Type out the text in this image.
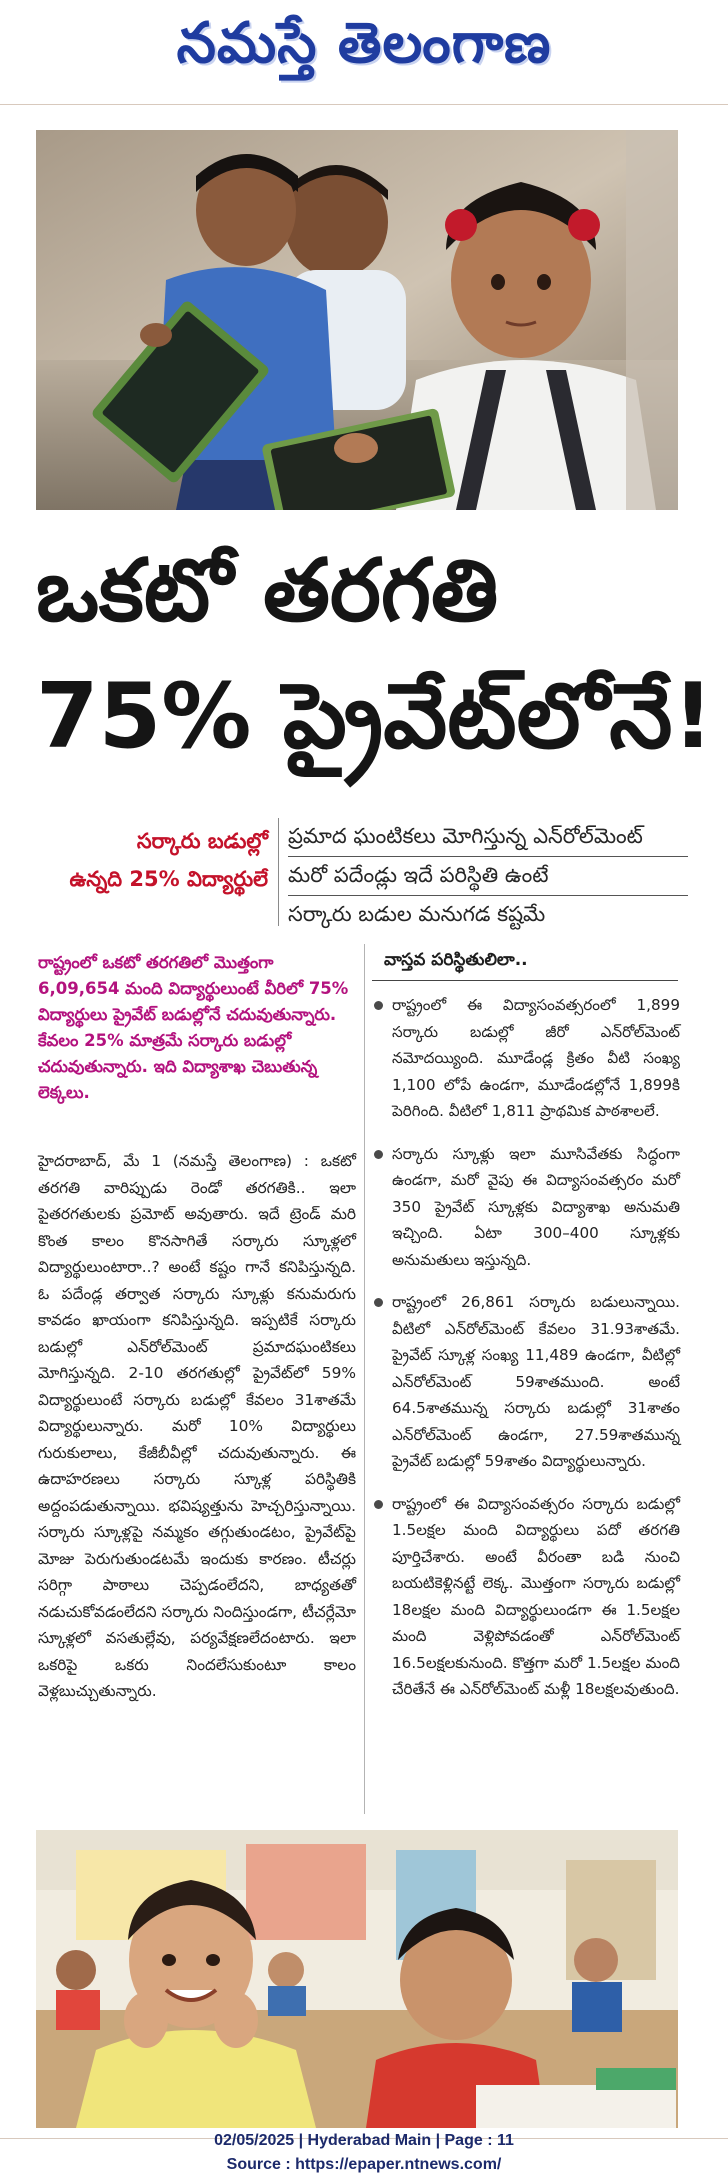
నమస్తే తెలంగాణ
ఒకటో తరగతి
75% ప్రైవేట్‌లోనే!
సర్కారు బడుల్లో
ఉన్నది 25% విద్యార్థులే
ప్రమాద ఘంటికలు మోగిస్తున్న ఎన్‌రోల్‌మెంట్
మరో పదేండ్లు ఇదే పరిస్థితి ఉంటే
సర్కారు బడుల మనుగడ కష్టమే
రాష్ట్రంలో ఒకటో తరగతిలో మొత్తంగా 6,09,654 మంది విద్యార్థులుంటే వీరిలో 75% విద్యార్థులు ప్రైవేట్ బడుల్లోనే చదువుతున్నారు. కేవలం 25% మాత్రమే సర్కారు బడుల్లో చదువుతున్నారు. ఇది విద్యాశాఖ చెబుతున్న లెక్కలు.
హైదరాబాద్, మే 1 (నమస్తే తెలంగాణ) : ఒకటో తరగతి వారిప్పుడు రెండో తరగతికి.. ఇలా పైతరగతులకు ప్రమోట్ అవుతారు. ఇదే ట్రెండ్ మరి కొంత కాలం కొనసాగితే సర్కారు స్కూళ్లలో విద్యార్థులుంటారా..? అంటే కష్టం గానే కనిపిస్తున్నది. ఓ పదేండ్ల తర్వాత సర్కారు స్కూళ్లు కనుమరుగు కావడం ఖాయంగా కనిపిస్తున్నది. ఇప్పటికే సర్కారు బడుల్లో ఎన్‌రోల్‌మెంట్ ప్రమాదఘంటికలు మోగిస్తున్నది. 2-10 తరగతుల్లో ప్రైవేట్‌లో 59% విద్యార్థులుంటే సర్కారు బడుల్లో కేవలం 31శాతమే విద్యార్థులున్నారు. మరో 10% విద్యార్థులు గురుకులాలు, కేజీబీవీల్లో చదువుతున్నారు. ఈ ఉదాహరణలు సర్కారు స్కూళ్ల పరిస్థితికి అద్దంపడుతున్నాయి. భవిష్యత్తును హెచ్చరిస్తున్నాయి. సర్కారు స్కూళ్లపై నమ్మకం తగ్గుతుండటం, ప్రైవేట్‌పై మోజు పెరుగుతుండటమే ఇందుకు కారణం. టీచర్లు సరిగ్గా పాఠాలు చెప్పడంలేదని, బాధ్యతతో నడుచుకోవడంలేదని సర్కారు నిందిస్తుండగా, టీచర్లేమో స్కూళ్లలో వసతుల్లేవు, పర్యవేక్షణలేదంటారు. ఇలా ఒకరిపై ఒకరు నిందలేసుకుంటూ కాలం వెళ్లబుచ్చుతున్నారు.
వాస్తవ పరిస్థితులిలా..
రాష్ట్రంలో ఈ విద్యాసంవత్సరంలో 1,899 సర్కారు బడుల్లో జీరో ఎన్‌రోల్‌మెంట్ నమోదయ్యింది. మూడేండ్ల క్రితం వీటి సంఖ్య 1,100 లోపే ఉండగా, మూడేండల్లోనే 1,899కి పెరిగింది. వీటిలో 1,811 ప్రాథమిక పాఠశాలలే.
సర్కారు స్కూళ్లు ఇలా మూసివేతకు సిద్ధంగా ఉండగా, మరో వైపు ఈ విద్యాసంవత్సరం మరో 350 ప్రైవేట్ స్కూళ్లకు విద్యాశాఖ అనుమతి ఇచ్చింది. ఏటా 300–400 స్కూళ్లకు అనుమతులు ఇస్తున్నది.
రాష్ట్రంలో 26,861 సర్కారు బడులున్నాయి. వీటిలో ఎన్‌రోల్‌మెంట్ కేవలం 31.93శాతమే. ప్రైవేట్ స్కూళ్ల సంఖ్య 11,489 ఉండగా, వీటిల్లో ఎన్‌రోల్‌మెంట్ 59శాతముంది. అంటే 64.5శాతమున్న సర్కారు బడుల్లో 31శాతం ఎన్‌రోల్‌మెంట్ ఉండగా, 27.59శాతమున్న ప్రైవేట్ బడుల్లో 59శాతం విద్యార్థులున్నారు.
రాష్ట్రంలో ఈ విద్యాసంవత్సరం సర్కారు బడుల్లో 1.5లక్షల మంది విద్యార్థులు పదో తరగతి పూర్తిచేశారు. అంటే వీరంతా బడి నుంచి బయటికెళ్లినట్టే లెక్క. మొత్తంగా సర్కారు బడుల్లో 18లక్షల మంది విద్యార్థులుండగా ఈ 1.5లక్షల మంది వెళ్లిపోవడంతో ఎన్‌రోల్‌మెంట్ 16.5లక్షలకునుంది. కొత్తగా మరో 1.5లక్షల మంది చేరితేనే ఈ ఎన్‌రోల్‌మెంట్ మళ్లీ 18లక్షలవుతుంది.
02/05/2025 | Hyderabad Main | Page : 11
Source : https://epaper.ntnews.com/
